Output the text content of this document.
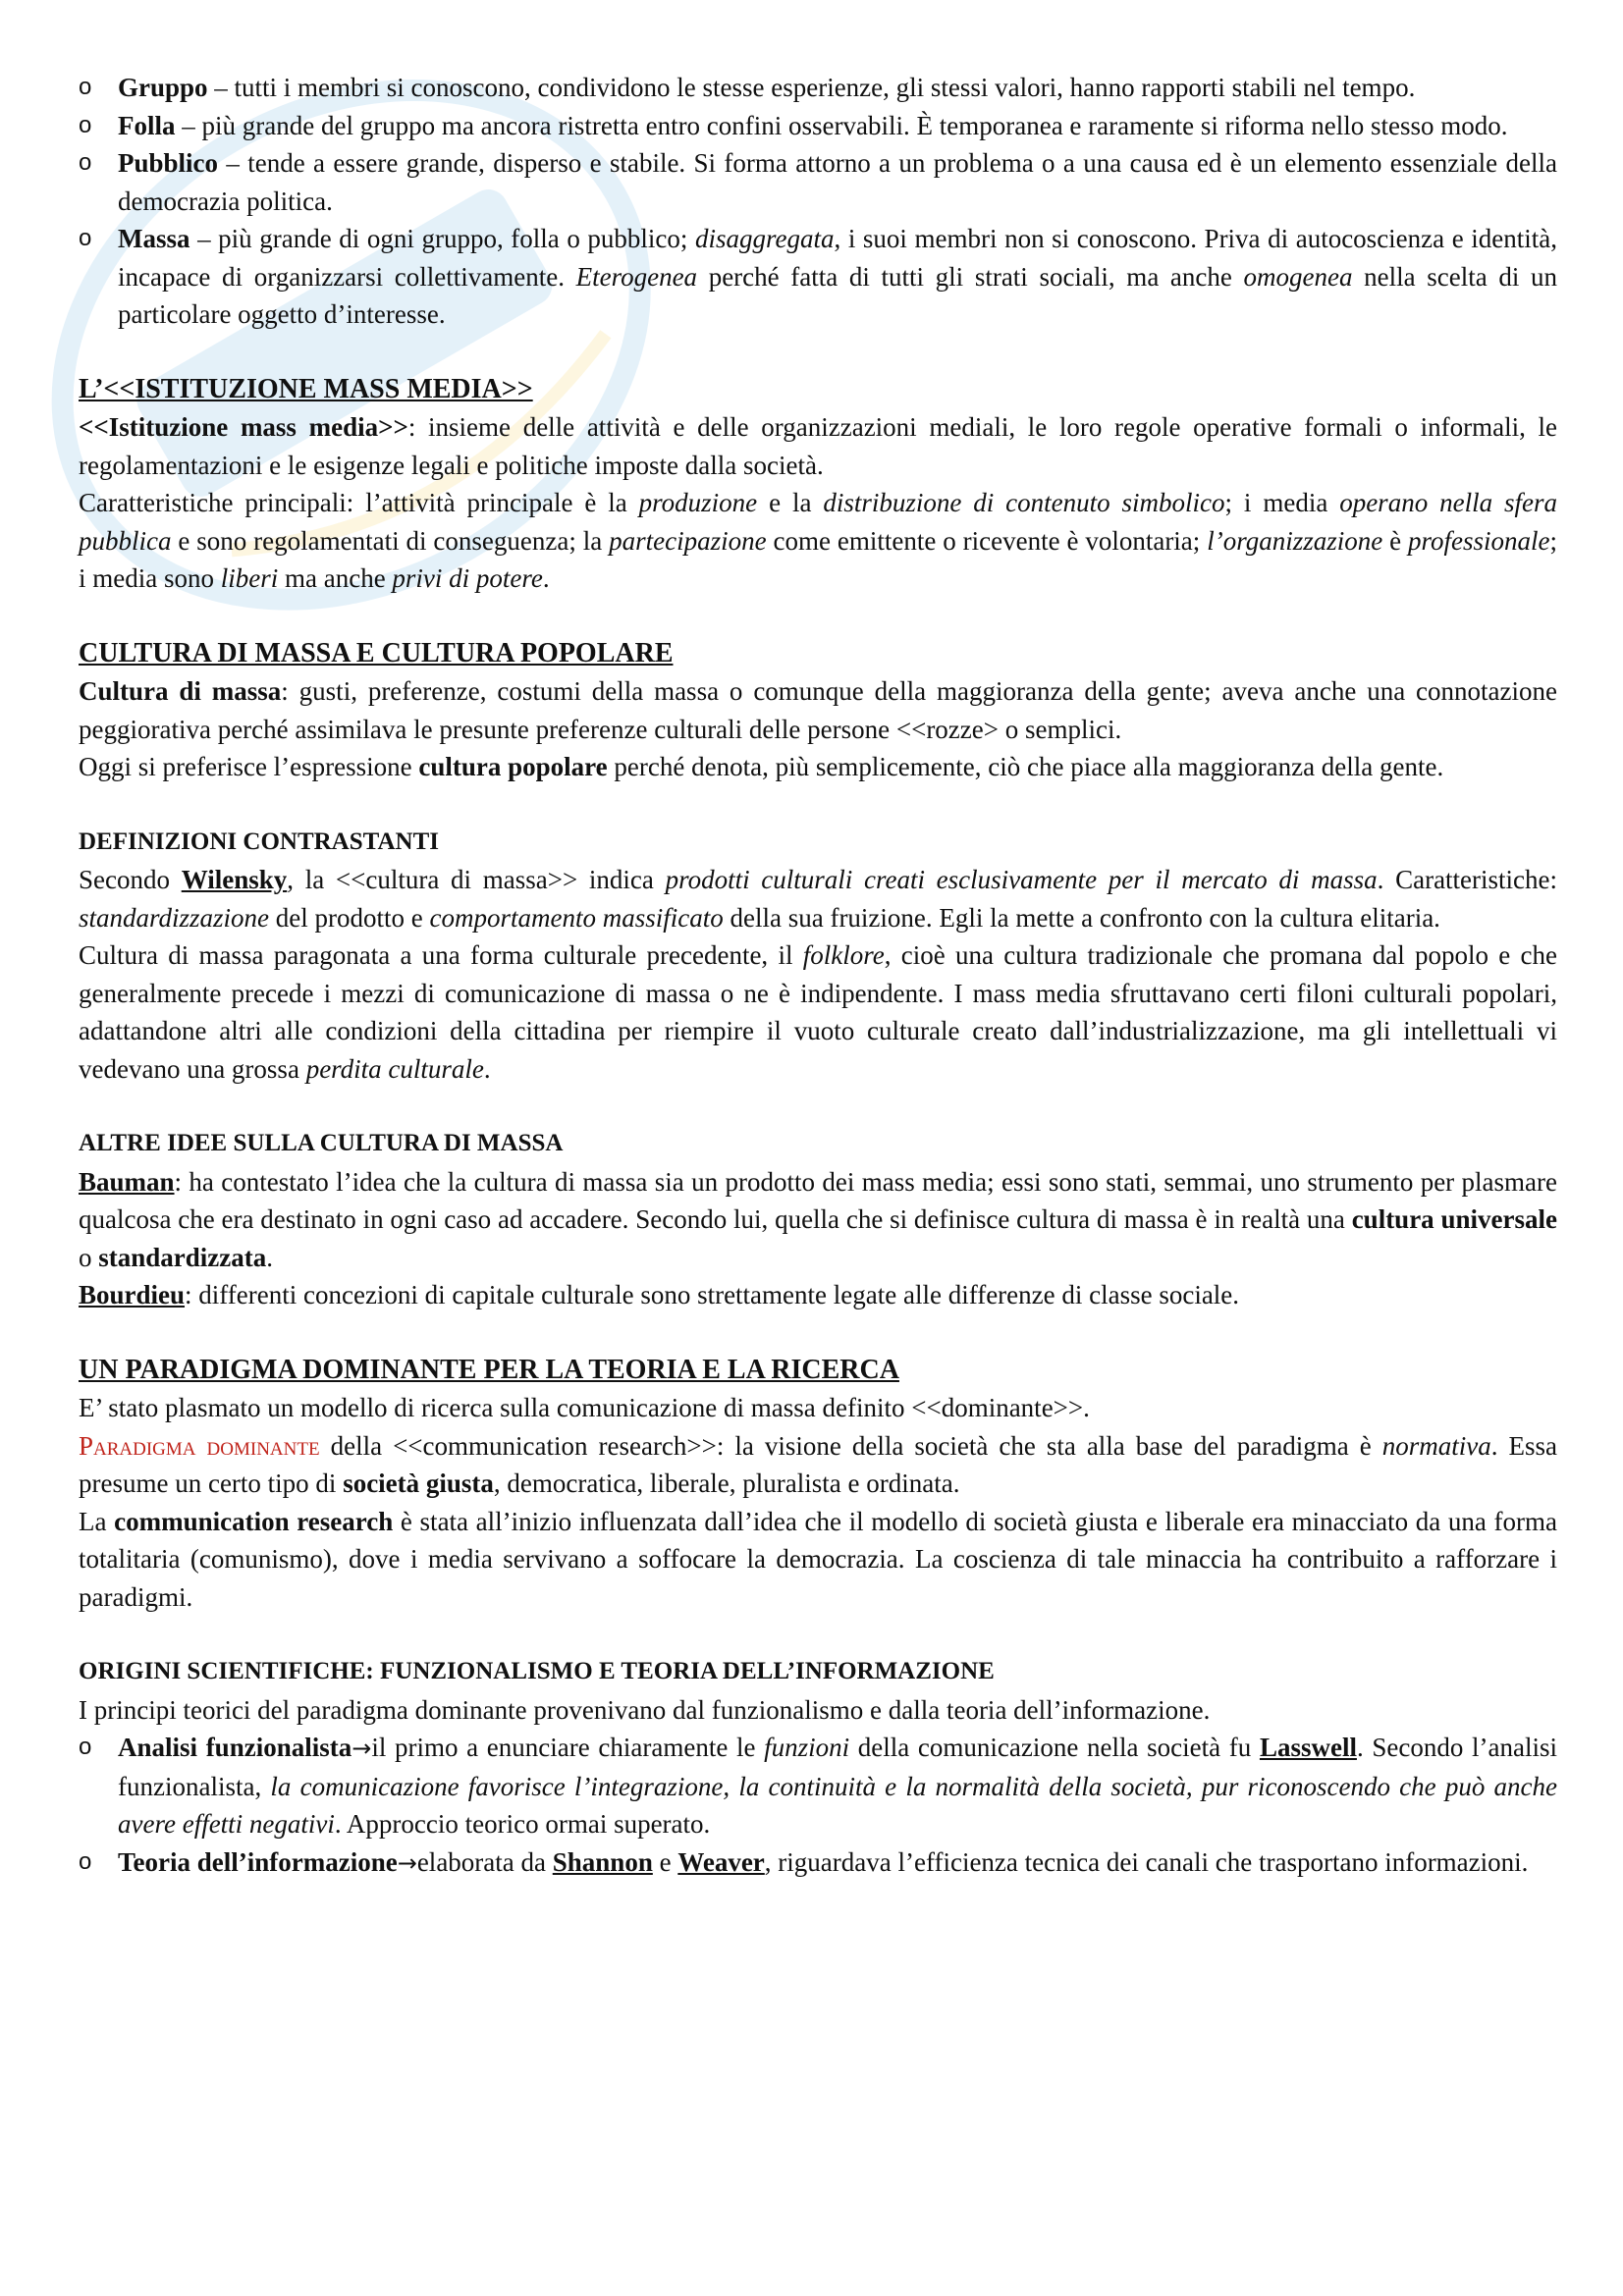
o Gruppo – tutti i membri si conoscono, condividono le stesse esperienze, gli stessi valori, hanno rapporti stabili nel tempo.
o Folla – più grande del gruppo ma ancora ristretta entro confini osservabili. È temporanea e raramente si riforma nello stesso modo.
o Pubblico – tende a essere grande, disperso e stabile. Si forma attorno a un problema o a una causa ed è un elemento essenziale della democrazia politica.
o Massa – più grande di ogni gruppo, folla o pubblico; disaggregata, i suoi membri non si conoscono. Priva di autocoscienza e identità, incapace di organizzarsi collettivamente. Eterogenea perché fatta di tutti gli strati sociali, ma anche omogenea nella scelta di un particolare oggetto d’interesse.
L’<<ISTITUZIONE MASS MEDIA>>

<<Istituzione mass media>>: insieme delle attività e delle organizzazioni mediali, le loro regole operative formali o informali, le regolamentazioni e le esigenze legali e politiche imposte dalla società.

Caratteristiche principali: l’attività principale è la produzione e la distribuzione di contenuto simbolico; i media operano nella sfera pubblica e sono regolamentati di conseguenza; la partecipazione come emittente o ricevente è volontaria; l’organizzazione è professionale; i media sono liberi ma anche privi di potere.

CULTURA DI MASSA E CULTURA POPOLARE

Cultura di massa: gusti, preferenze, costumi della massa o comunque della maggioranza della gente; aveva anche una connotazione peggiorativa perché assimilava le presunte preferenze culturali delle persone <<rozze> o semplici.

Oggi si preferisce l’espressione cultura popolare perché denota, più semplicemente, ciò che piace alla maggioranza della gente.

DEFINIZIONI CONTRASTANTI

Secondo Wilensky, la <<cultura di massa>> indica prodotti culturali creati esclusivamente per il mercato di massa. Caratteristiche: standardizzazione del prodotto e comportamento massificato della sua fruizione. Egli la mette a confronto con la cultura elitaria.

Cultura di massa paragonata a una forma culturale precedente, il folklore, cioè una cultura tradizionale che promana dal popolo e che generalmente precede i mezzi di comunicazione di massa o ne è indipendente. I mass media sfruttavano certi filoni culturali popolari, adattandone altri alle condizioni della cittadina per riempire il vuoto culturale creato dall’industrializzazione, ma gli intellettuali vi vedevano una grossa perdita culturale.

ALTRE IDEE SULLA CULTURA DI MASSA

Bauman: ha contestato l’idea che la cultura di massa sia un prodotto dei mass media; essi sono stati, semmai, uno strumento per plasmare qualcosa che era destinato in ogni caso ad accadere. Secondo lui, quella che si definisce cultura di massa è in realtà una cultura universale o standardizzata.

Bourdieu: differenti concezioni di capitale culturale sono strettamente legate alle differenze di classe sociale.

UN PARADIGMA DOMINANTE PER LA TEORIA E LA RICERCA

E’ stato plasmato un modello di ricerca sulla comunicazione di massa definito <<dominante>>.

Paradigma dominante della <<communication research>>: la visione della società che sta alla base del paradigma è normativa. Essa presume un certo tipo di società giusta, democratica, liberale, pluralista e ordinata.

La communication research è stata all’inizio influenzata dall’idea che il modello di società giusta e liberale era minacciato da una forma totalitaria (comunismo), dove i media servivano a soffocare la democrazia. La coscienza di tale minaccia ha contribuito a rafforzare i paradigmi.

ORIGINI SCIENTIFICHE: FUNZIONALISMO E TEORIA DELL’INFORMAZIONE

I principi teorici del paradigma dominante provenivano dal funzionalismo e dalla teoria dell’informazione.

o Analisi funzionalista→il primo a enunciare chiaramente le funzioni della comunicazione nella società fu Lasswell. Secondo l’analisi funzionalista, la comunicazione favorisce l’integrazione, la continuità e la normalità della società, pur riconoscendo che può anche avere effetti negativi. Approccio teorico ormai superato.
o Teoria dell’informazione→elaborata da Shannon e Weaver, riguardava l’efficienza tecnica dei canali che trasportano informazioni.
